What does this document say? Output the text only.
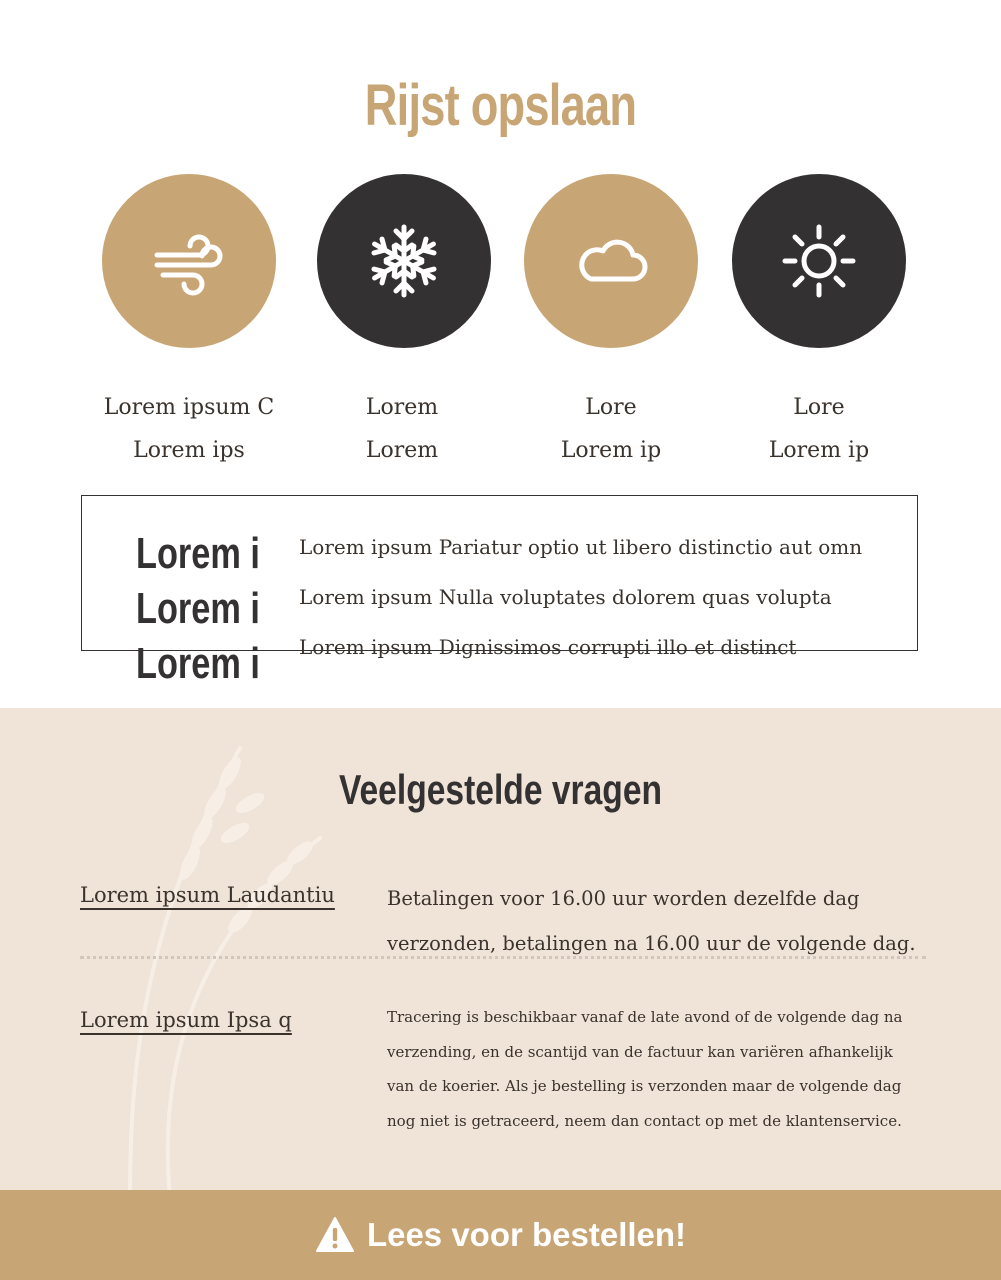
Rijst opslaan
Lorem ipsum C
Lorem ips
Lorem
Lorem
Lore
Lorem ip
Lore
Lorem ip
Lorem i
Lorem i
Lorem i
Lorem ipsum Pariatur optio ut libero distinctio aut omn
Lorem ipsum Nulla voluptates dolorem quas volupta
Lorem ipsum Dignissimos corrupti illo et distinct
Veelgestelde vragen
Lorem ipsum Laudantiu	Betalingen voor 16.00 uur worden dezelfde dag
verzonden, betalingen na 16.00 uur de volgende dag.
Lorem ipsum Ipsa q	Tracering is beschikbaar vanaf de late avond of de volgende dag na
verzending, en de scantijd van de factuur kan variëren afhankelijk
van de koerier. Als je bestelling is verzonden maar de volgende dag
nog niet is getraceerd, neem dan contact op met de klantenservice.
Lees voor bestellen!
